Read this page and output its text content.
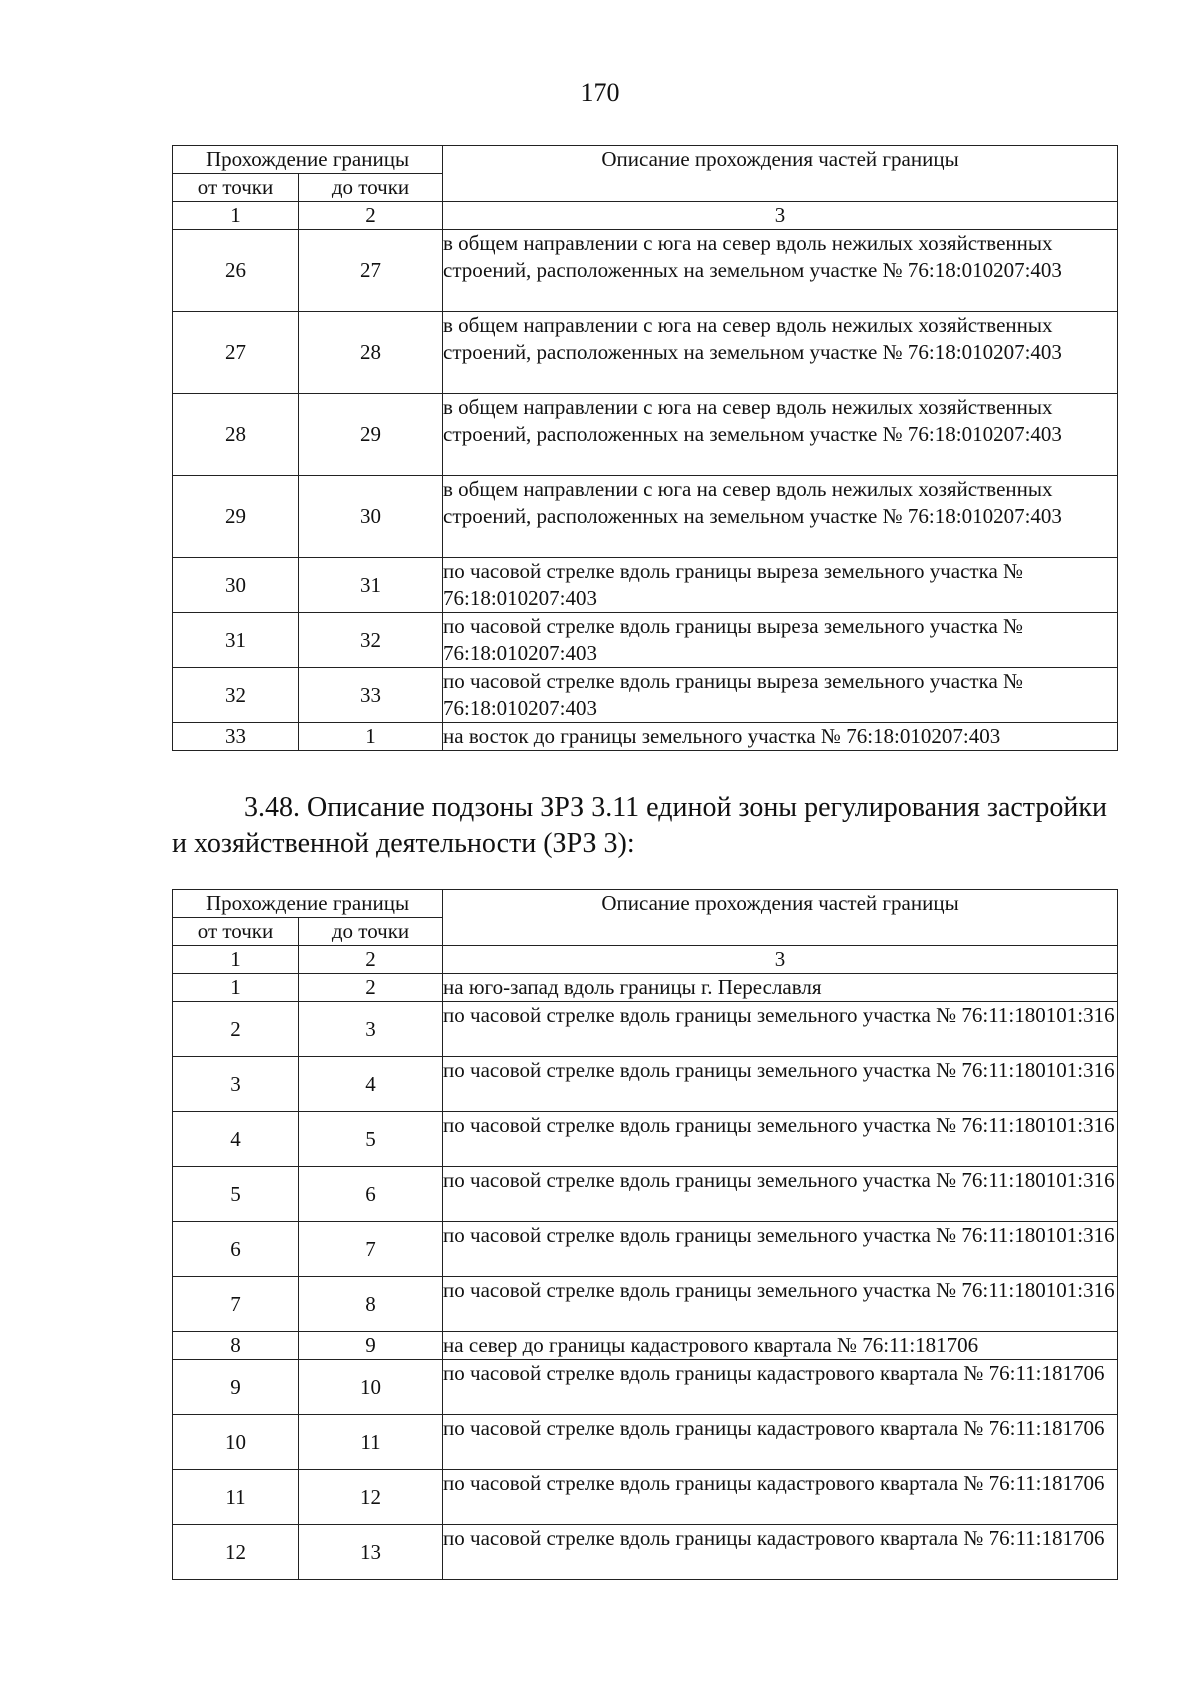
170
Прохождение границы		Описание прохождения частей границы
от точки	до точки	
1	2	3
26	27	в общем направлении с юга на север вдоль нежилых хозяйственных строений, расположенных на земельном участке № 76:18:010207:403
27	28	в общем направлении с юга на север вдоль нежилых хозяйственных строений, расположенных на земельном участке № 76:18:010207:403
28	29	в общем направлении с юга на север вдоль нежилых хозяйственных строений, расположенных на земельном участке № 76:18:010207:403
29	30	в общем направлении с юга на север вдоль нежилых хозяйственных строений, расположенных на земельном участке № 76:18:010207:403
30	31	по часовой стрелке вдоль границы выреза земельного участка № 76:18:010207:403
31	32	по часовой стрелке вдоль границы выреза земельного участка № 76:18:010207:403
32	33	по часовой стрелке вдоль границы выреза земельного участка № 76:18:010207:403
33	1	на восток до границы земельного участка № 76:18:010207:403
3.48. Описание подзоны ЗРЗ 3.11 единой зоны регулирования застройки и хозяйственной деятельности (ЗРЗ 3):
Прохождение границы		Описание прохождения частей границы
от точки	до точки	
1	2	3
1	2	на юго-запад вдоль границы г. Переславля
2	3	по часовой стрелке вдоль границы земельного участка № 76:11:180101:316
3	4	по часовой стрелке вдоль границы земельного участка № 76:11:180101:316
4	5	по часовой стрелке вдоль границы земельного участка № 76:11:180101:316
5	6	по часовой стрелке вдоль границы земельного участка № 76:11:180101:316
6	7	по часовой стрелке вдоль границы земельного участка № 76:11:180101:316
7	8	по часовой стрелке вдоль границы земельного участка № 76:11:180101:316
8	9	на север до границы кадастрового квартала № 76:11:181706
9	10	по часовой стрелке вдоль границы кадастрового квартала № 76:11:181706
10	11	по часовой стрелке вдоль границы кадастрового квартала № 76:11:181706
11	12	по часовой стрелке вдоль границы кадастрового квартала № 76:11:181706
12	13	по часовой стрелке вдоль границы кадастрового квартала № 76:11:181706
